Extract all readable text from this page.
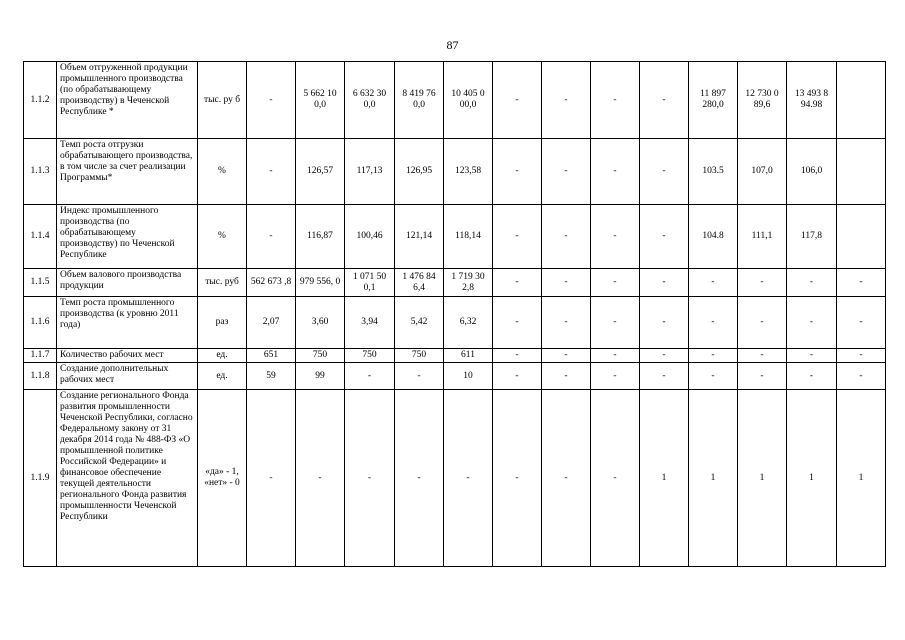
87
1.1.2	Объем отгруженной продукции промышленного производства (по обрабатывающему производству) в Чеченской Республике *	тыс. ру б	-	5 662 10 0,0	6 632 30 0,0	8 419 76 0,0	10 405 0 00,0	-	-	-	-	11 897 280,0	12 730 0 89,6	13 493 8 94.98	
1.1.3	Темп роста отгрузки обрабатывающего производства, в том числе за счет реализации Программы*	%	-	126,57	117,13	126,95	123,58	-	-	-	-	103.5	107,0	106,0	
1.1.4	Индекс промышленного производства (по обрабатывающему производству) по Чеченской Республике	%	-	116,87	100,46	121,14	118,14	-	-	-	-	104.8	111,1	117,8	
1.1.5	Объем валового производства продукции	тыс. руб	562 673 ,8	979 556, 0	1 071 50 0,1	1 476 84 6,4	1 719 30 2,8	-	-	-	-	-	-	-	-
1.1.6	Темп роста промышленного производства (к уровню 2011 года)	раз	2,07	3,60	3,94	5,42	6,32	-	-	-	-	-	-	-	-
1.1.7	Количество рабочих мест	ед.	651	750	750	750	611	-	-	-	-	-	-	-	-
1.1.8	Создание дополнительных рабочих мест	ед.	59	99	-	-	10	-	-	-	-	-	-	-	-
1.1.9	Создание регионального Фонда развития промышленности Чеченской Республики, согласно Федеральному закону от 31 декабря 2014 года № 488-ФЗ «О промышленной политике Российской Федерации» и финансовое обеспечение текущей деятельности регионального Фонда развития промышленности Чеченской Республики	«да» - 1, «нет» - 0	-	-	-	-	-	-	-	-	1	1	1	1	1
